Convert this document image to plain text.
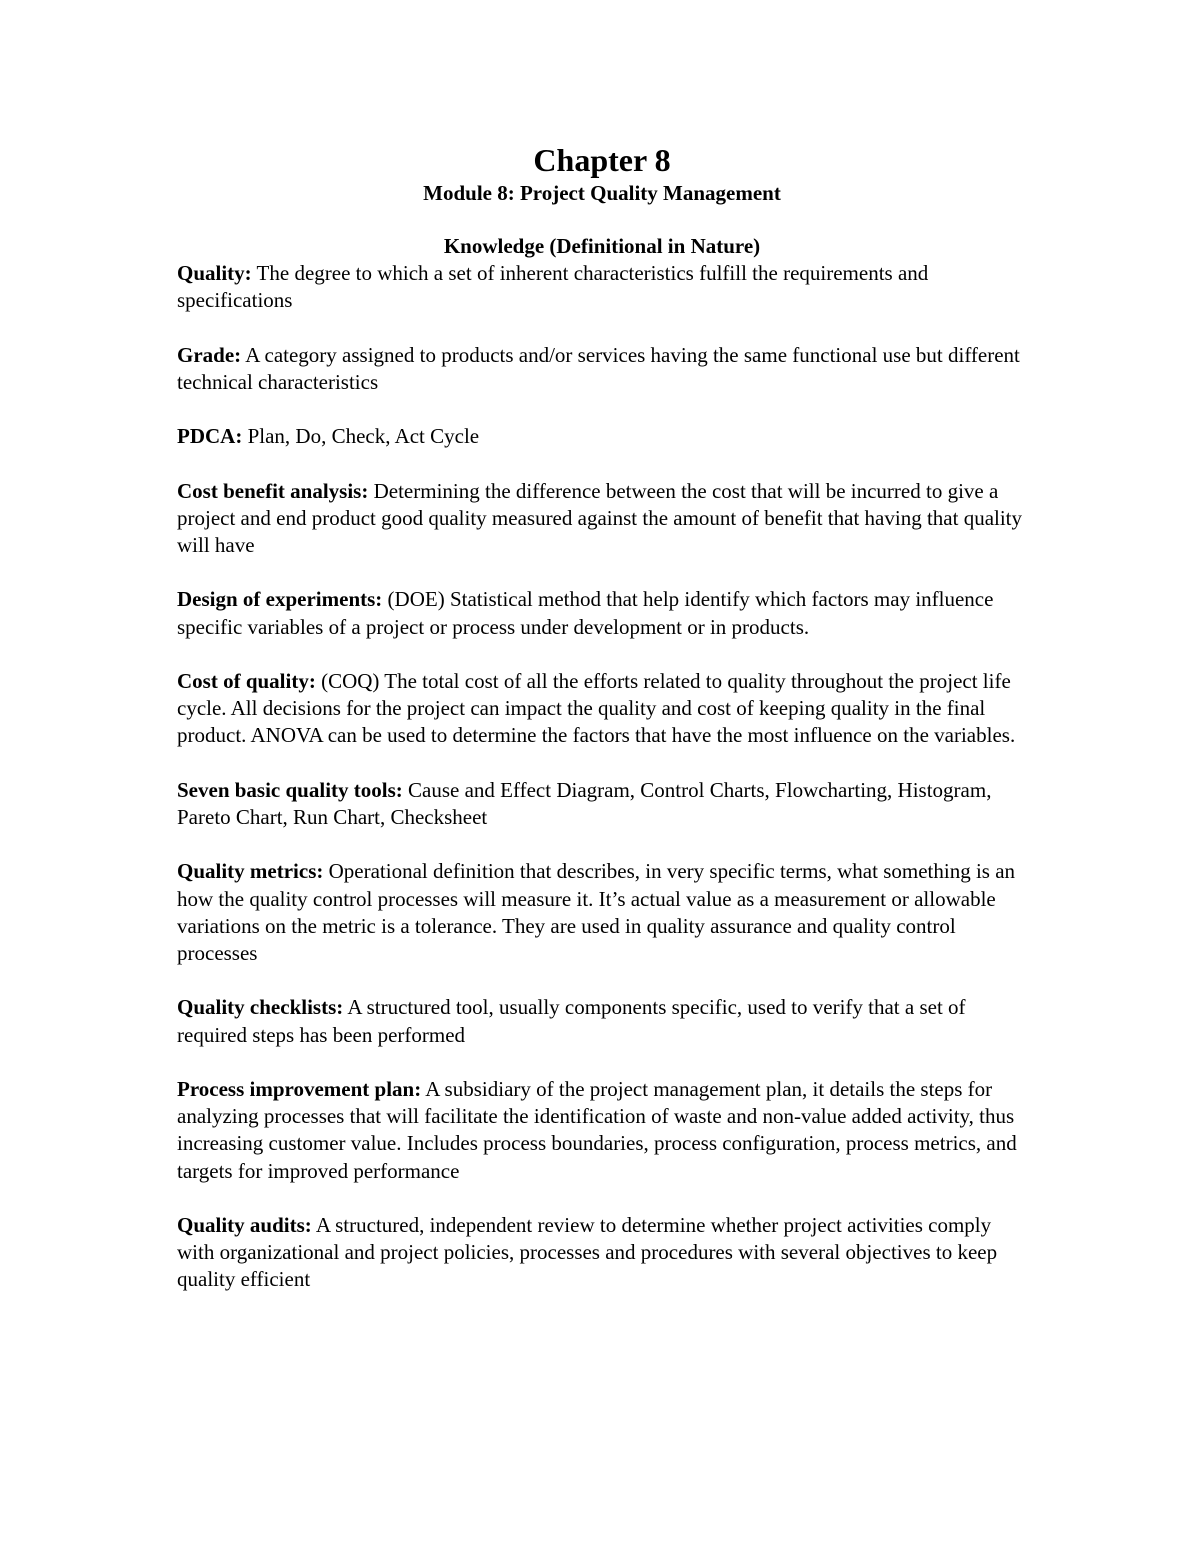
Chapter 8
Module 8: Project Quality Management
Knowledge (Definitional in Nature)

Quality: The degree to which a set of inherent characteristics fulfill the requirements and specifications

Grade: A category assigned to products and/or services having the same functional use but different technical characteristics

PDCA: Plan, Do, Check, Act Cycle

Cost benefit analysis: Determining the difference between the cost that will be incurred to give a project and end product good quality measured against the amount of benefit that having that quality will have

Design of experiments: (DOE) Statistical method that help identify which factors may influence specific variables of a project or process under development or in products.

Cost of quality: (COQ) The total cost of all the efforts related to quality throughout the project life cycle. All decisions for the project can impact the quality and cost of keeping quality in the final product. ANOVA can be used to determine the factors that have the most influence on the variables.

Seven basic quality tools: Cause and Effect Diagram, Control Charts, Flowcharting, Histogram, Pareto Chart, Run Chart, Checksheet

Quality metrics: Operational definition that describes, in very specific terms, what something is an how the quality control processes will measure it. It’s actual value as a measurement or allowable variations on the metric is a tolerance. They are used in quality assurance and quality control processes

Quality checklists: A structured tool, usually components specific, used to verify that a set of required steps has been performed

Process improvement plan: A subsidiary of the project management plan, it details the steps for analyzing processes that will facilitate the identification of waste and non-value added activity, thus increasing customer value. Includes process boundaries, process configuration, process metrics, and targets for improved performance

Quality audits: A structured, independent review to determine whether project activities comply with organizational and project policies, processes and procedures with several objectives to keep quality efficient
